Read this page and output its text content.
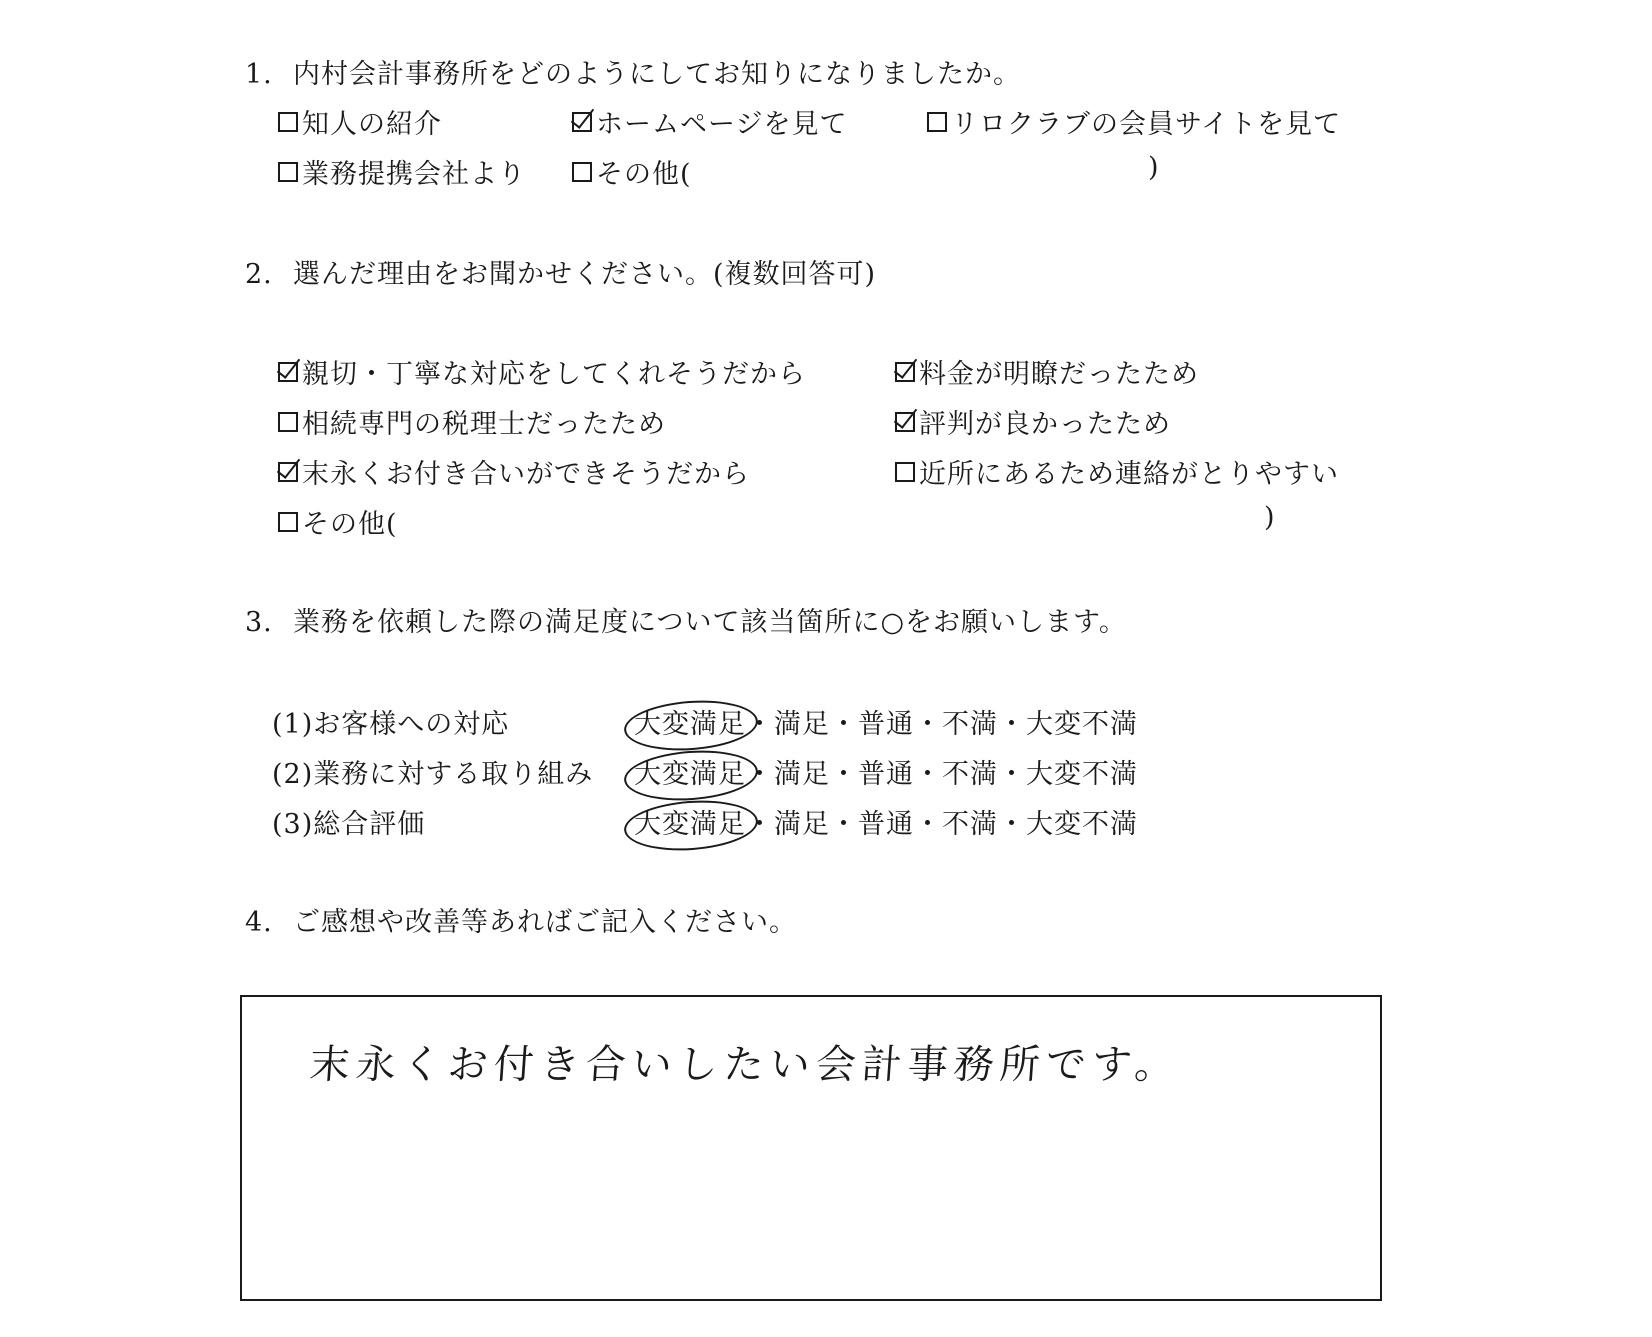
1. 内村会計事務所をどのようにしてお知りになりましたか。
知人の紹介	ホームページを見て	リロクラブの会員サイトを見て
業務提携会社より	その他(	)
2. 選んだ理由をお聞かせください。(複数回答可)
親切・丁寧な対応をしてくれそうだから	料金が明瞭だったため
相続専門の税理士だったため	評判が良かったため
末永くお付き合いができそうだから	近所にあるため連絡がとりやすい
その他(	)
3. 業務を依頼した際の満足度について該当箇所に○をお願いします。
(1)お客様への対応	大変満足・満足・普通・不満・大変不満
(2)業務に対する取り組み 大変満足・満足・普通・不満・大変不満
(3)総合評価	大変満足・満足・普通・不満・大変不満
4. ご感想や改善等あればご記入ください。
末永くお付き合いしたい会計事務所です。
